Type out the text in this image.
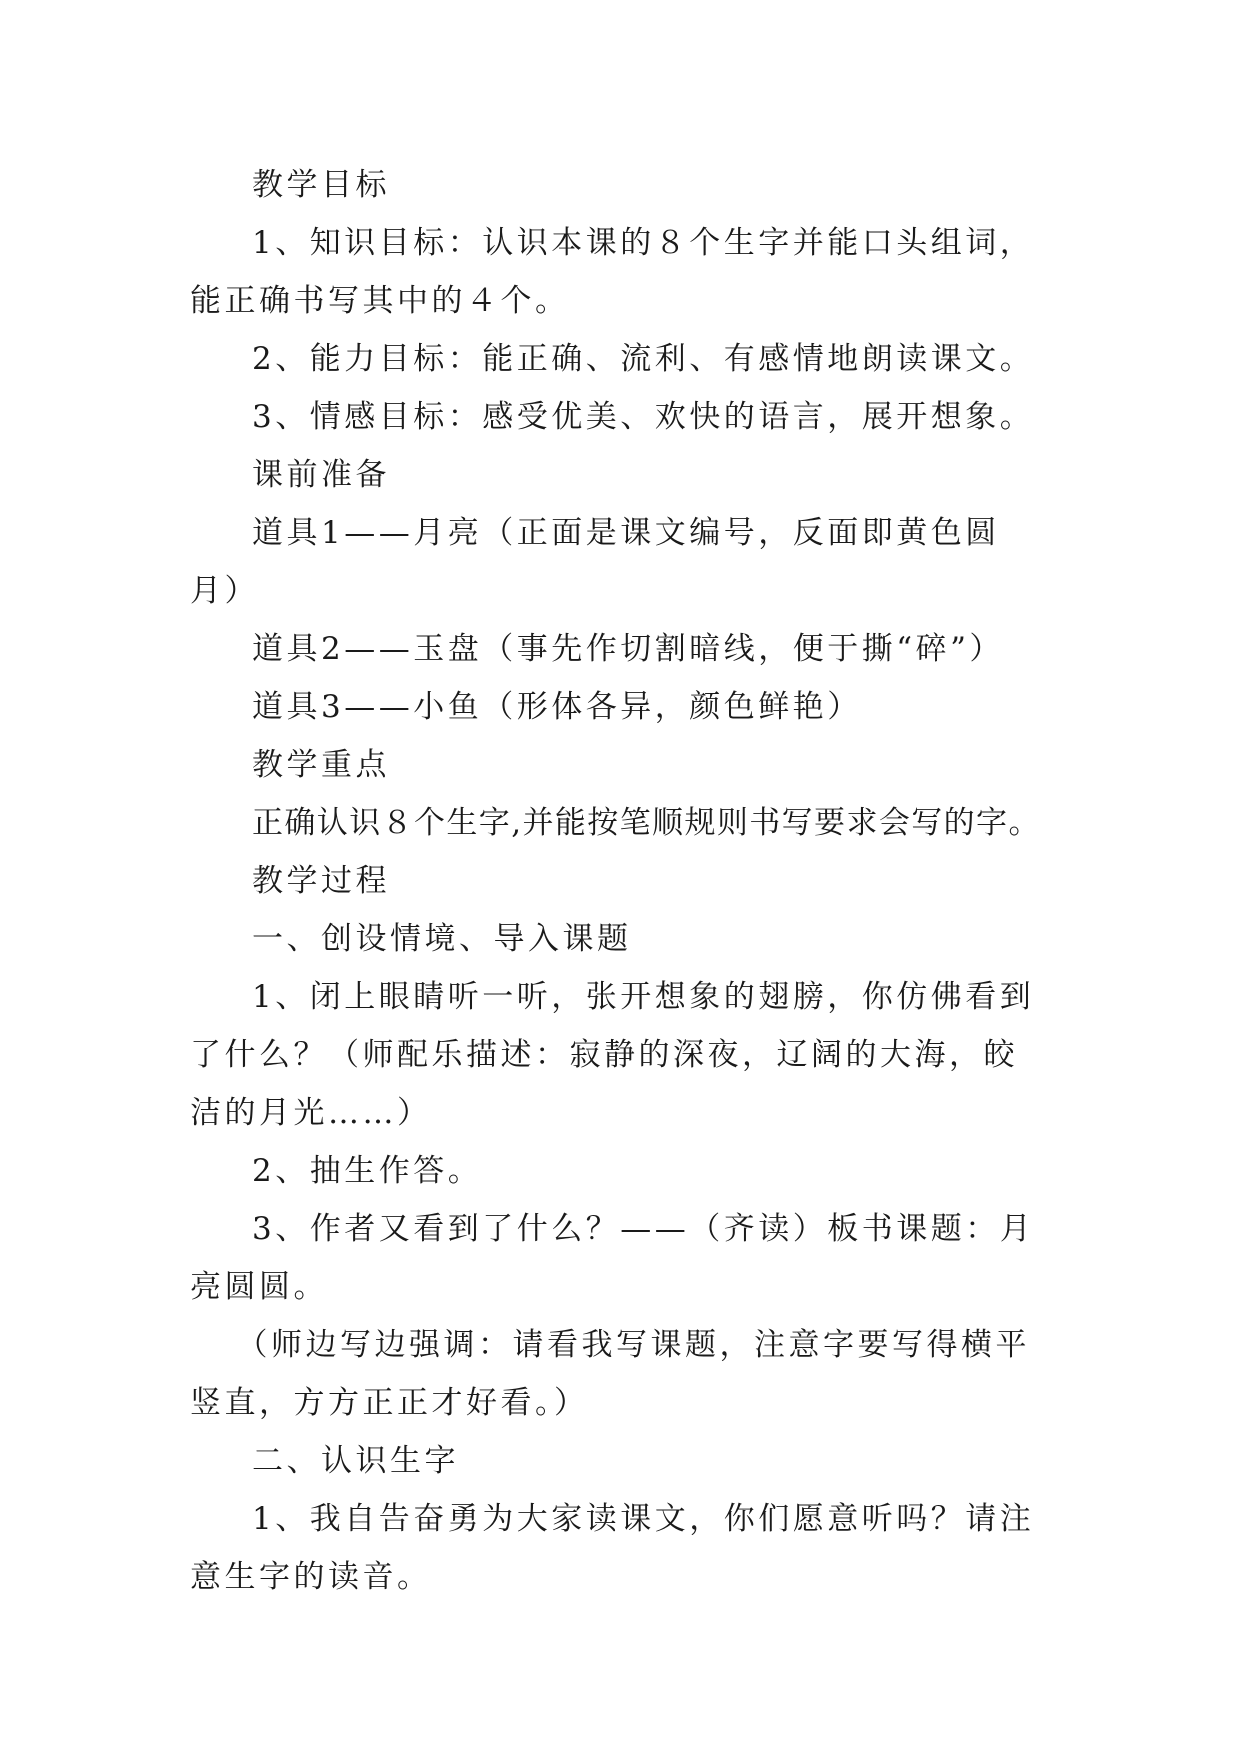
教学目标

1、知识目标：认识本课的８个生字并能口头组词，能正确书写其中的４个。

2、能力目标：能正确、流利、有感情地朗读课文。

3、情感目标：感受优美、欢快的语言，展开想象。

课前准备

道具1——月亮（正面是课文编号，反面即黄色圆月）

道具2——玉盘（事先作切割暗线，便于撕“碎”）

道具3——小鱼（形体各异，颜色鲜艳）

教学重点

正确认识８个生字,并能按笔顺规则书写要求会写的字。

教学过程

一、创设情境、导入课题

1、闭上眼睛听一听，张开想象的翅膀，你仿佛看到了什么？（师配乐描述：寂静的深夜，辽阔的大海，皎洁的月光……）

2、抽生作答。

3、作者又看到了什么？——（齐读）板书课题：月亮圆圆。

（师边写边强调：请看我写课题，注意字要写得横平竖直，方方正正才好看。）

二、认识生字

1、我自告奋勇为大家读课文，你们愿意听吗？请注意生字的读音。
